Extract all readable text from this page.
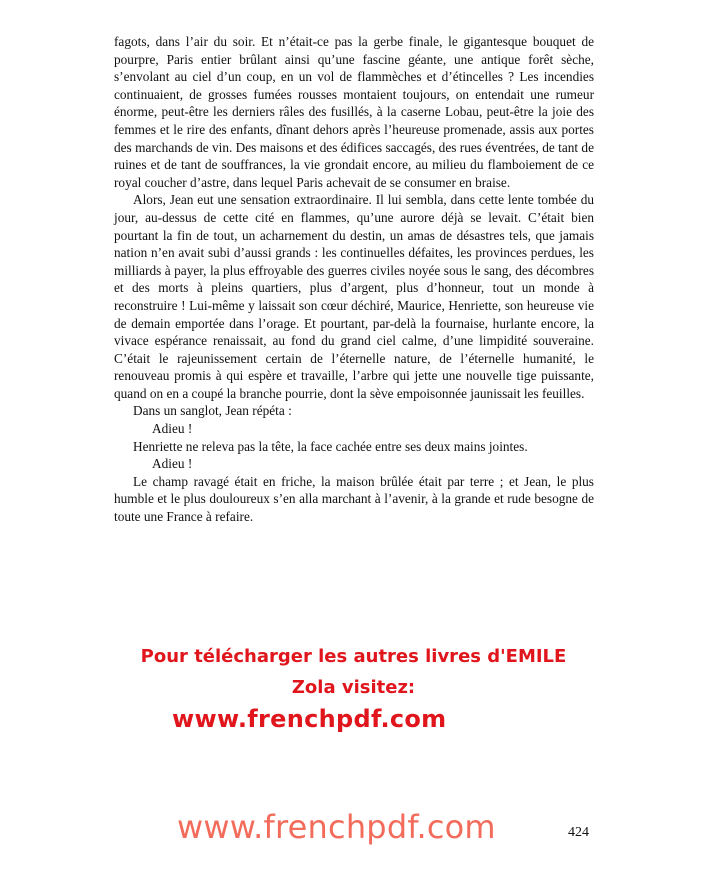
fagots, dans l’air du soir. Et n’était-ce pas la gerbe finale, le gigantesque bouquet de pourpre, Paris entier brûlant ainsi qu’une fascine géante, une antique forêt sèche, s’envolant au ciel d’un coup, en un vol de flammèches et d’étincelles ? Les incendies continuaient, de grosses fumées rousses montaient toujours, on entendait une rumeur énorme, peut-être les derniers râles des fusillés, à la caserne Lobau, peut-être la joie des femmes et le rire des enfants, dînant dehors après l’heureuse promenade, assis aux portes des marchands de vin. Des maisons et des édifices saccagés, des rues éventrées, de tant de ruines et de tant de souffrances, la vie grondait encore, au milieu du flamboiement de ce royal coucher d’astre, dans lequel Paris achevait de se consumer en braise.

Alors, Jean eut une sensation extraordinaire. Il lui sembla, dans cette lente tombée du jour, au-dessus de cette cité en flammes, qu’une aurore déjà se levait. C’était bien pourtant la fin de tout, un acharnement du destin, un amas de désastres tels, que jamais nation n’en avait subi d’aussi grands : les continuelles défaites, les provinces perdues, les milliards à payer, la plus effroyable des guerres civiles noyée sous le sang, des décombres et des morts à pleins quartiers, plus d’argent, plus d’honneur, tout un monde à reconstruire ! Lui-même y laissait son cœur déchiré, Maurice, Henriette, son heureuse vie de demain emportée dans l’orage. Et pourtant, par-delà la fournaise, hurlante encore, la vivace espérance renaissait, au fond du grand ciel calme, d’une limpidité souveraine. C’était le rajeunissement certain de l’éternelle nature, de l’éternelle humanité, le renouveau promis à qui espère et travaille, l’arbre qui jette une nouvelle tige puissante, quand on en a coupé la branche pourrie, dont la sève empoisonnée jaunissait les feuilles.

Dans un sanglot, Jean répéta :

Adieu !

Henriette ne releva pas la tête, la face cachée entre ses deux mains jointes.

Adieu !

Le champ ravagé était en friche, la maison brûlée était par terre ; et Jean, le plus humble et le plus douloureux s’en alla marchant à l’avenir, à la grande et rude besogne de toute une France à refaire.

Pour télécharger les autres livres d'EMILE
Zola visitez:
www.frenchpdf.com
www.frenchpdf.com	424
